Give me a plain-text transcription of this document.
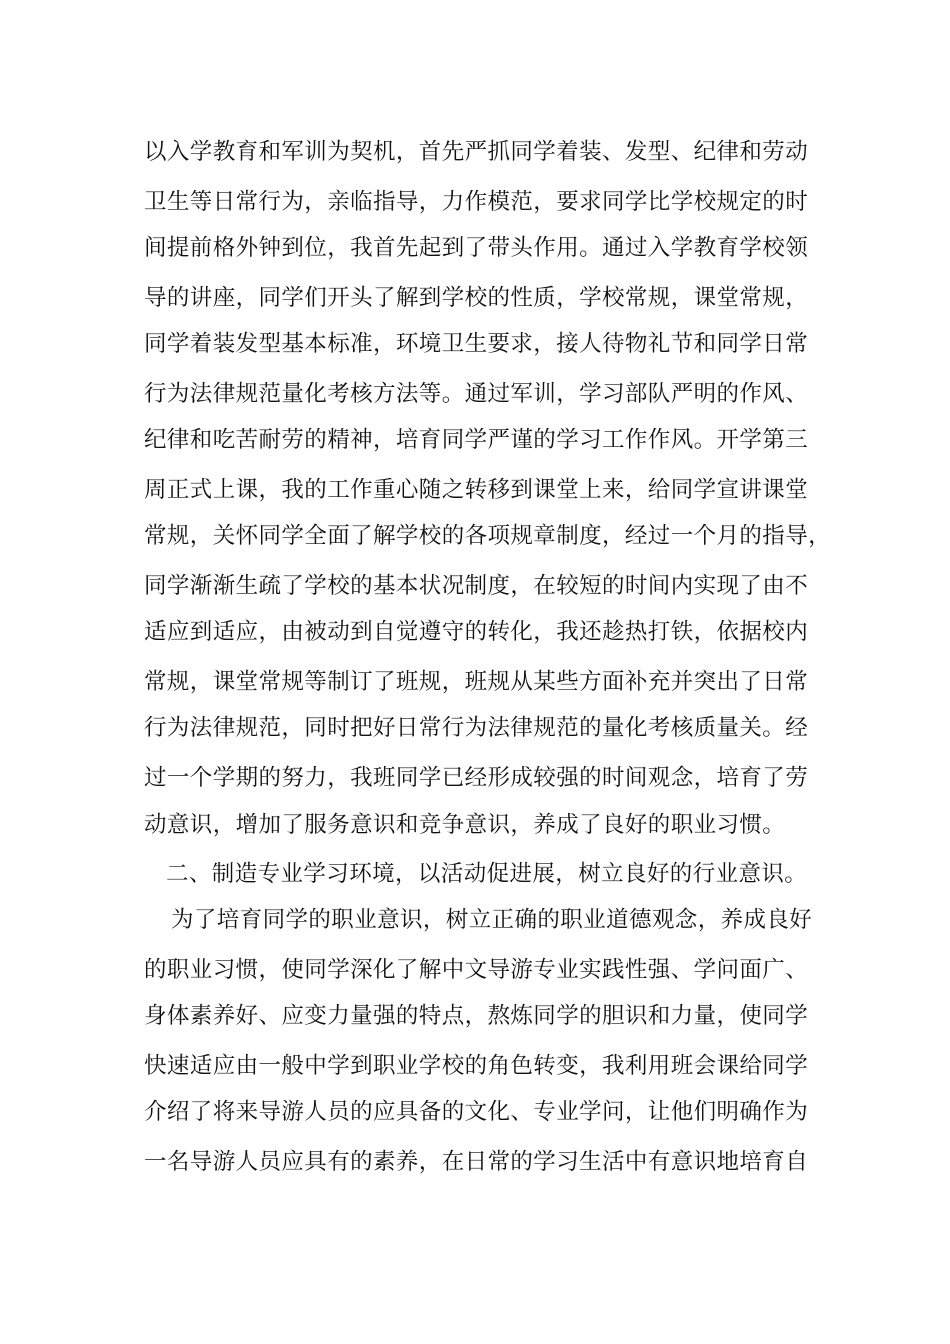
以入学教育和军训为契机，首先严抓同学着装、发型、纪律和劳动
卫生等日常行为，亲临指导，力作模范，要求同学比学校规定的时
间提前格外钟到位，我首先起到了带头作用。通过入学教育学校领
导的讲座，同学们开头了解到学校的性质，学校常规，课堂常规，
同学着装发型基本标准，环境卫生要求，接人待物礼节和同学日常
行为法律规范量化考核方法等。通过军训，学习部队严明的作风、
纪律和吃苦耐劳的精神，培育同学严谨的学习工作作风。开学第三
周正式上课，我的工作重心随之转移到课堂上来，给同学宣讲课堂
常规，关怀同学全面了解学校的各项规章制度，经过一个月的指导，
同学渐渐生疏了学校的基本状况制度，在较短的时间内实现了由不
适应到适应，由被动到自觉遵守的转化，我还趁热打铁，依据校内
常规，课堂常规等制订了班规，班规从某些方面补充并突出了日常
行为法律规范，同时把好日常行为法律规范的量化考核质量关。经
过一个学期的努力，我班同学已经形成较强的时间观念，培育了劳
动意识，增加了服务意识和竞争意识，养成了良好的职业习惯。
二、制造专业学习环境，以活动促进展，树立良好的行业意识。
为了培育同学的职业意识，树立正确的职业道德观念，养成良好
的职业习惯，使同学深化了解中文导游专业实践性强、学问面广、
身体素养好、应变力量强的特点，熬炼同学的胆识和力量，使同学
快速适应由一般中学到职业学校的角色转变，我利用班会课给同学
介绍了将来导游人员的应具备的文化、专业学问，让他们明确作为
一名导游人员应具有的素养，在日常的学习生活中有意识地培育自
